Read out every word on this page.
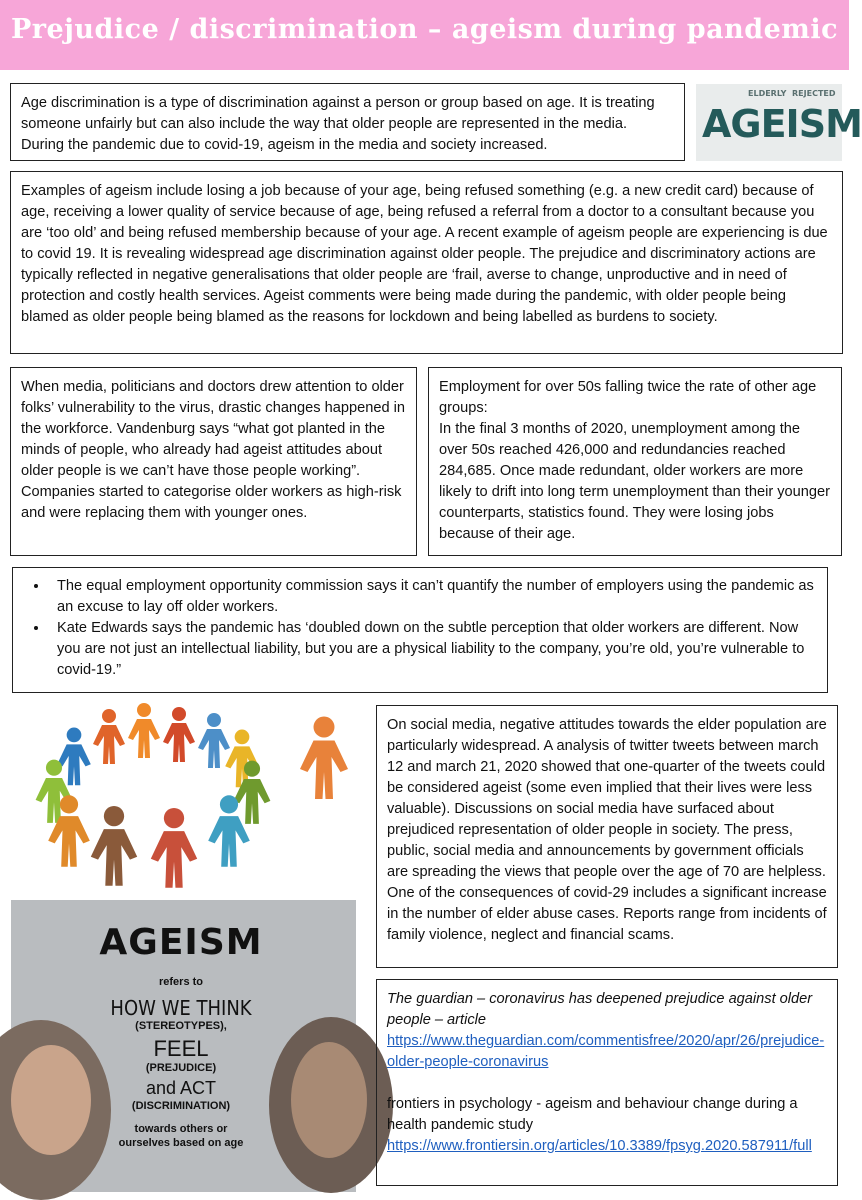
Prejudice / discrimination – ageism during pandemic

Age discrimination is a type of discrimination against a person or group based on age. It is treating someone unfairly but can also include the way that older people are represented in the media. During the pandemic due to covid-19, ageism in the media and society increased.

ELDERLY REJECTED
AGEISM

Examples of ageism include losing a job because of your age, being refused something (e.g. a new credit card) because of age, receiving a lower quality of service because of age, being refused a referral from a doctor to a consultant because you are ‘too old’ and being refused membership because of your age. A recent example of ageism people are experiencing is due to covid 19. It is revealing widespread age discrimination against older people. The prejudice and discriminatory actions are typically reflected in negative generalisations that older people are ‘frail, averse to change, unproductive and in need of protection and costly health services. Ageist comments were being made during the pandemic, with older people being blamed as older people being blamed as the reasons for lockdown and being labelled as burdens to society.

When media, politicians and doctors drew attention to older folks’ vulnerability to the virus, drastic changes happened in the workforce. Vandenburg says “what got planted in the minds of people, who already had ageist attitudes about older people is we can’t have those people working”. Companies started to categorise older workers as high-risk and were replacing them with younger ones.

Employment for over 50s falling twice the rate of other age groups:

In the final 3 months of 2020, unemployment among the over 50s reached 426,000 and redundancies reached 284,685. Once made redundant, older workers are more likely to drift into long term unemployment than their younger counterparts, statistics found. They were losing jobs because of their age.

• The equal employment opportunity commission says it can’t quantify the number of employers using the pandemic as an excuse to lay off older workers.
• Kate Edwards says the pandemic has ‘doubled down on the subtle perception that older workers are different. Now you are not just an intellectual liability, but you are a physical liability to the company, you’re old, you’re vulnerable to covid-19.”
AGEISM
refers to
HOW WE THINK
(STEREOTYPES),
FEEL
(PREJUDICE)
and ACT
(DISCRIMINATION)
towards others or ourselves based on age

On social media, negative attitudes towards the elder population are particularly widespread. A analysis of twitter tweets between march 12 and march 21, 2020 showed that one-quarter of the tweets could be considered ageist (some even implied that their lives were less valuable). Discussions on social media have surfaced about prejudiced representation of older people in society. The press, public, social media and announcements by government officials are spreading the views that people over the age of 70 are helpless. One of the consequences of covid-29 includes a significant increase in the number of elder abuse cases. Reports range from incidents of family violence, neglect and financial scams.

The guardian – coronavirus has deepened prejudice against older people – article

https://www.theguardian.com/commentisfree/2020/apr/26/prejudice-older-people-coronavirus

frontiers in psychology - ageism and behaviour change during a health pandemic study

https://www.frontiersin.org/articles/10.3389/fpsyg.2020.587911/full
